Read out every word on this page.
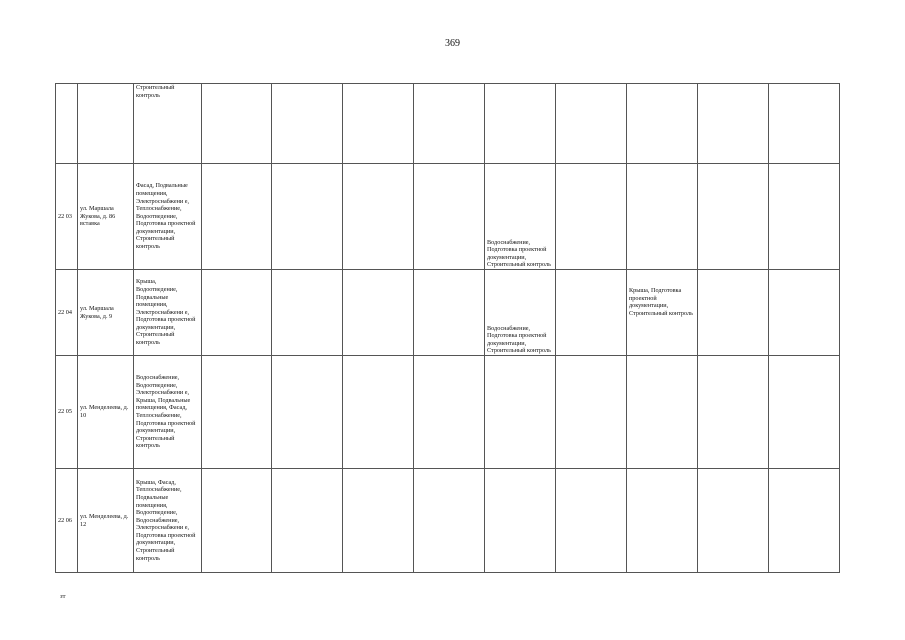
369
		Строительный контроль									
22 03	ул. Маршала Жукова, д. 86 вставка	Фасад, Подвальные помещения, Электроснабжени е, Теплоснабжение, Водоотведение, Подготовка проектной документации, Строительный контроль					Водоснабжение, Подготовка проектной документации, Строительный контроль				
22 04	ул. Маршала Жукова, д. 9	Крыша, Водоотведение, Подвальные помещения, Электроснабжени е, Подготовка проектной документации, Строительный контроль					Водоснабжение, Подготовка проектной документации, Строительный контроль		Крыша, Подготовка проектной документации, Строительный контроль		
22 05	ул. Менделеева, д. 10	Водоснабжение, Водоотведение, Электроснабжени е, Крыша, Подвальные помещения, Фасад, Теплоснабжение, Подготовка проектной документации, Строительный контроль									
22 06	ул. Менделеева, д. 12	Крыша, Фасад, Теплоснабжение, Подвальные помещения, Водоотведение, Водоснабжение, Электроснабжени е, Подготовка проектной документации, Строительный контроль									
зт
